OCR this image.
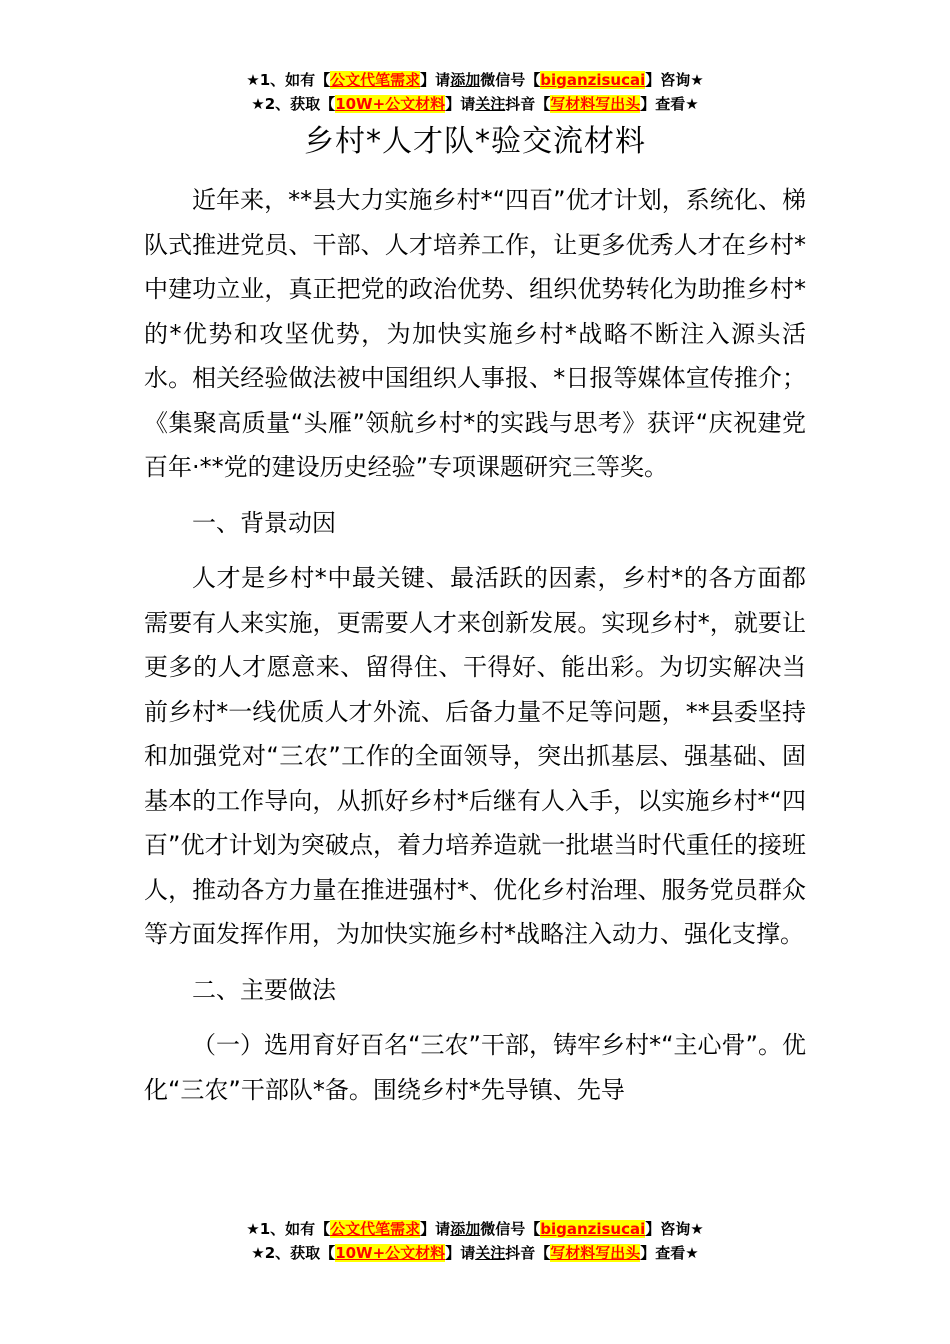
★1、如有【公文代笔需求】请添加微信号【biganzisucai】咨询★
★2、获取【10W+公文材料】请关注抖音【写材料写出头】查看★
乡村*人才队*验交流材料

近年来，**县大力实施乡村*“四百”优才计划，系统化、梯队式推进党员、干部、人才培养工作，让更多优秀人才在乡村*中建功立业，真正把党的政治优势、组织优势转化为助推乡村*的*优势和攻坚优势，为加快实施乡村*战略不断注入源头活水。相关经验做法被中国组织人事报、*日报等媒体宣传推介；《集聚高质量“头雁”领航乡村*的实践与思考》获评“庆祝建党百年·**党的建设历史经验”专项课题研究三等奖。

一、背景动因

人才是乡村*中最关键、最活跃的因素，乡村*的各方面都需要有人来实施，更需要人才来创新发展。实现乡村*，就要让更多的人才愿意来、留得住、干得好、能出彩。为切实解决当前乡村*一线优质人才外流、后备力量不足等问题，**县委坚持和加强党对“三农”工作的全面领导，突出抓基层、强基础、固基本的工作导向，从抓好乡村*后继有人入手，以实施乡村*“四百”优才计划为突破点，着力培养造就一批堪当时代重任的接班人，推动各方力量在推进强村*、优化乡村治理、服务党员群众等方面发挥作用，为加快实施乡村*战略注入动力、强化支撑。

二、主要做法

（一）选用育好百名“三农”干部，铸牢乡村*“主心骨”。优化“三农”干部队*备。围绕乡村*先导镇、先导

★1、如有【公文代笔需求】请添加微信号【biganzisucai】咨询★
★2、获取【10W+公文材料】请关注抖音【写材料写出头】查看★
